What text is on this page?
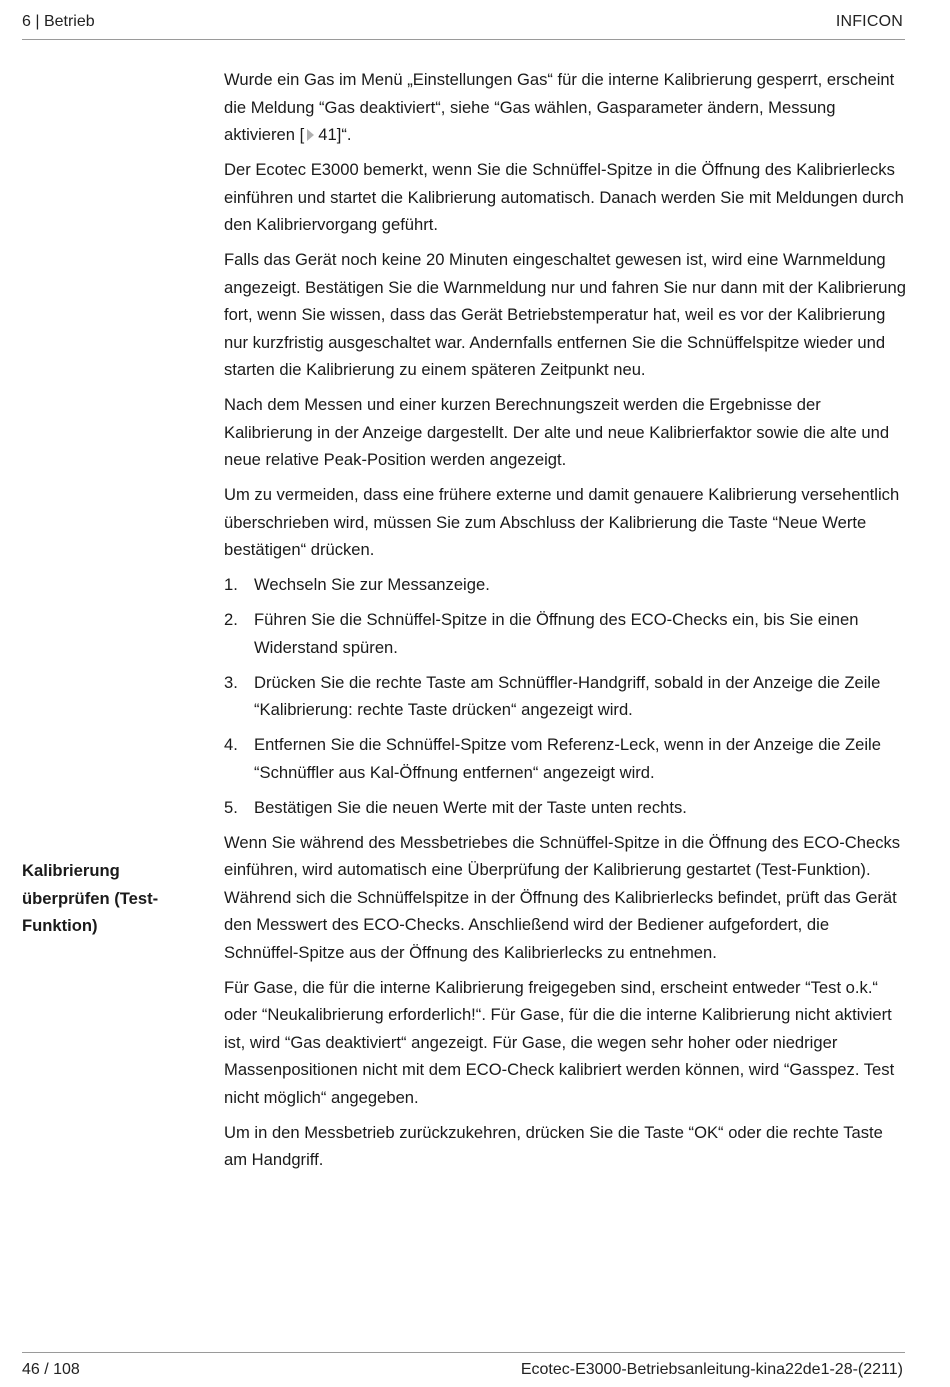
6 | Betrieb	INFICON

Wurde ein Gas im Menü „Einstellungen Gas“ für die interne Kalibrierung gesperrt, erscheint die Meldung “Gas deaktiviert“, siehe “Gas wählen, Gasparameter ändern, Messung aktivieren [ 41]“.

Der Ecotec E3000 bemerkt, wenn Sie die Schnüffel-Spitze in die Öffnung des Kalibrierlecks einführen und startet die Kalibrierung automatisch. Danach werden Sie mit Meldungen durch den Kalibriervorgang geführt.

Falls das Gerät noch keine 20 Minuten eingeschaltet gewesen ist, wird eine Warnmeldung angezeigt. Bestätigen Sie die Warnmeldung nur und fahren Sie nur dann mit der Kalibrierung fort, wenn Sie wissen, dass das Gerät Betriebstemperatur hat, weil es vor der Kalibrierung nur kurzfristig ausgeschaltet war. Andernfalls entfernen Sie die Schnüffelspitze wieder und starten die Kalibrierung zu einem späteren Zeitpunkt neu.

Nach dem Messen und einer kurzen Berechnungszeit werden die Ergebnisse der Kalibrierung in der Anzeige dargestellt. Der alte und neue Kalibrierfaktor sowie die alte und neue relative Peak-Position werden angezeigt.

Um zu vermeiden, dass eine frühere externe und damit genauere Kalibrierung versehentlich überschrieben wird, müssen Sie zum Abschluss der Kalibrierung die Taste “Neue Werte bestätigen“ drücken.

1. Wechseln Sie zur Messanzeige.
2. Führen Sie die Schnüffel-Spitze in die Öffnung des ECO-Checks ein, bis Sie einen Widerstand spüren.
3. Drücken Sie die rechte Taste am Schnüffler-Handgriff, sobald in der Anzeige die Zeile “Kalibrierung: rechte Taste drücken“ angezeigt wird.
4. Entfernen Sie die Schnüffel-Spitze vom Referenz-Leck, wenn in der Anzeige die Zeile “Schnüffler aus Kal-Öffnung entfernen“ angezeigt wird.
5. Bestätigen Sie die neuen Werte mit der Taste unten rechts.

Wenn Sie während des Messbetriebes die Schnüffel-Spitze in die Öffnung des ECO-Checks einführen, wird automatisch eine Überprüfung der Kalibrierung gestartet (Test-Funktion). Während sich die Schnüffelspitze in der Öffnung des Kalibrierlecks befindet, prüft das Gerät den Messwert des ECO-Checks. Anschließend wird der Bediener aufgefordert, die Schnüffel-Spitze aus der Öffnung des Kalibrierlecks zu entnehmen.

Für Gase, die für die interne Kalibrierung freigegeben sind, erscheint entweder “Test o.k.“ oder “Neukalibrierung erforderlich!“. Für Gase, für die die interne Kalibrierung nicht aktiviert ist, wird “Gas deaktiviert“ angezeigt. Für Gase, die wegen sehr hoher oder niedriger Massenpositionen nicht mit dem ECO-Check kalibriert werden können, wird “Gasspez. Test nicht möglich“ angegeben.

Um in den Messbetrieb zurückzukehren, drücken Sie die Taste “OK“ oder die rechte Taste am Handgriff.

Kalibrierung überprüfen (Test-Funktion)
46 / 108	Ecotec-E3000-Betriebsanleitung-kina22de1-28-(2211)
